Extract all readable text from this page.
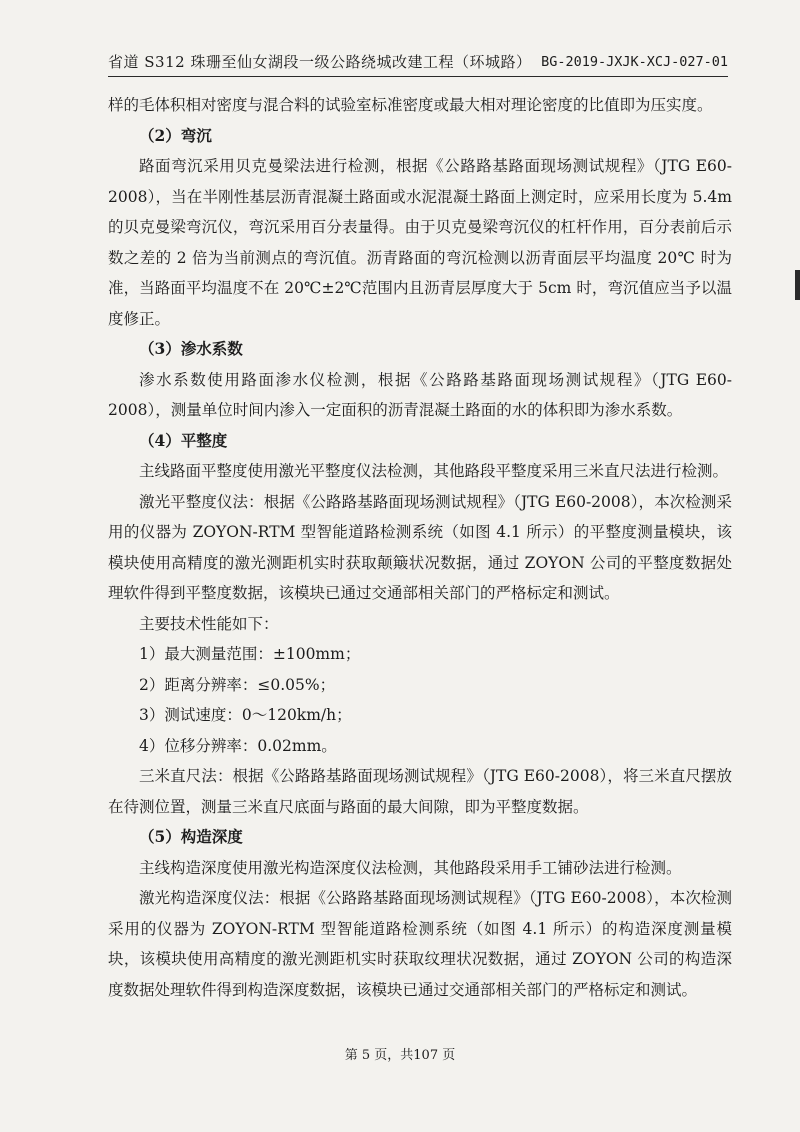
省道 S312 珠珊至仙女湖段一级公路绕城改建工程（环城路） BG-2019-JXJK-XCJ-027-01

样的毛体积相对密度与混合料的试验室标准密度或最大相对理论密度的比值即为压实度。

（2）弯沉

路面弯沉采用贝克曼梁法进行检测，根据《公路路基路面现场测试规程》（JTG E60-2008），当在半刚性基层沥青混凝土路面或水泥混凝土路面上测定时，应采用长度为 5.4m 的贝克曼梁弯沉仪，弯沉采用百分表量得。由于贝克曼梁弯沉仪的杠杆作用，百分表前后示数之差的 2 倍为当前测点的弯沉值。沥青路面的弯沉检测以沥青面层平均温度 20℃ 时为准，当路面平均温度不在 20℃±2℃范围内且沥青层厚度大于 5cm 时，弯沉值应当予以温度修正。

（3）渗水系数

渗水系数使用路面渗水仪检测，根据《公路路基路面现场测试规程》（JTG E60-2008），测量单位时间内渗入一定面积的沥青混凝土路面的水的体积即为渗水系数。

（4）平整度

主线路面平整度使用激光平整度仪法检测，其他路段平整度采用三米直尺法进行检测。

激光平整度仪法：根据《公路路基路面现场测试规程》（JTG E60-2008），本次检测采用的仪器为 ZOYON-RTM 型智能道路检测系统（如图 4.1 所示）的平整度测量模块，该模块使用高精度的激光测距机实时获取颠簸状况数据，通过 ZOYON 公司的平整度数据处理软件得到平整度数据，该模块已通过交通部相关部门的严格标定和测试。

主要技术性能如下：

1）最大测量范围：±100mm；

2）距离分辨率：≤0.05%；

3）测试速度：0～120km/h；

4）位移分辨率：0.02mm。

三米直尺法：根据《公路路基路面现场测试规程》（JTG E60-2008），将三米直尺摆放在待测位置，测量三米直尺底面与路面的最大间隙，即为平整度数据。

（5）构造深度

主线构造深度使用激光构造深度仪法检测，其他路段采用手工铺砂法进行检测。

激光构造深度仪法：根据《公路路基路面现场测试规程》（JTG E60-2008），本次检测采用的仪器为 ZOYON-RTM 型智能道路检测系统（如图 4.1 所示）的构造深度测量模块，该模块使用高精度的激光测距机实时获取纹理状况数据，通过 ZOYON 公司的构造深度数据处理软件得到构造深度数据，该模块已通过交通部相关部门的严格标定和测试。

第 5 页，共107 页
